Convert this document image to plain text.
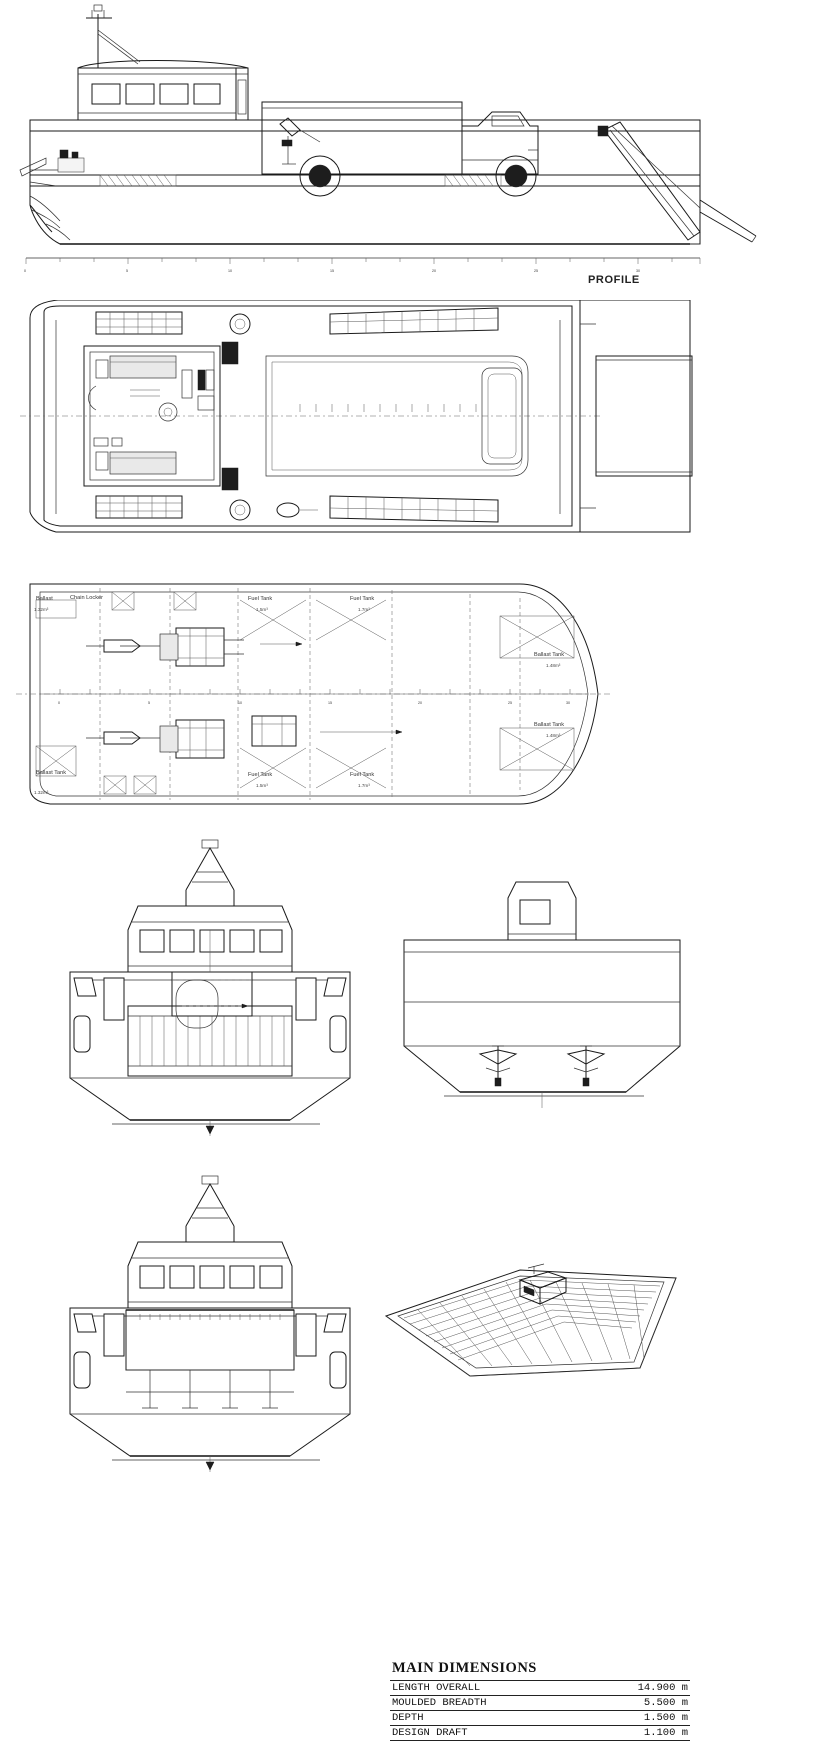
0	5	10	15	20	25	30
PROFILE
0	5	10	15	20	25	30
Ballast
1.32m³
Chain Locker	Fuel Tank
1.5m³
Fuel Tank
1.7m³
Ballast Tank
1.48m³
Ballast Tank
1.48m³
Ballast Tank
1.32m³
Fuel Tank
1.5m³
Fuel Tank
1.7m³
MAIN DIMENSIONS
LENGTH OVERALL	14.900 m
MOULDED BREADTH	5.500 m
DEPTH	1.500 m
DESIGN DRAFT	1.100 m
